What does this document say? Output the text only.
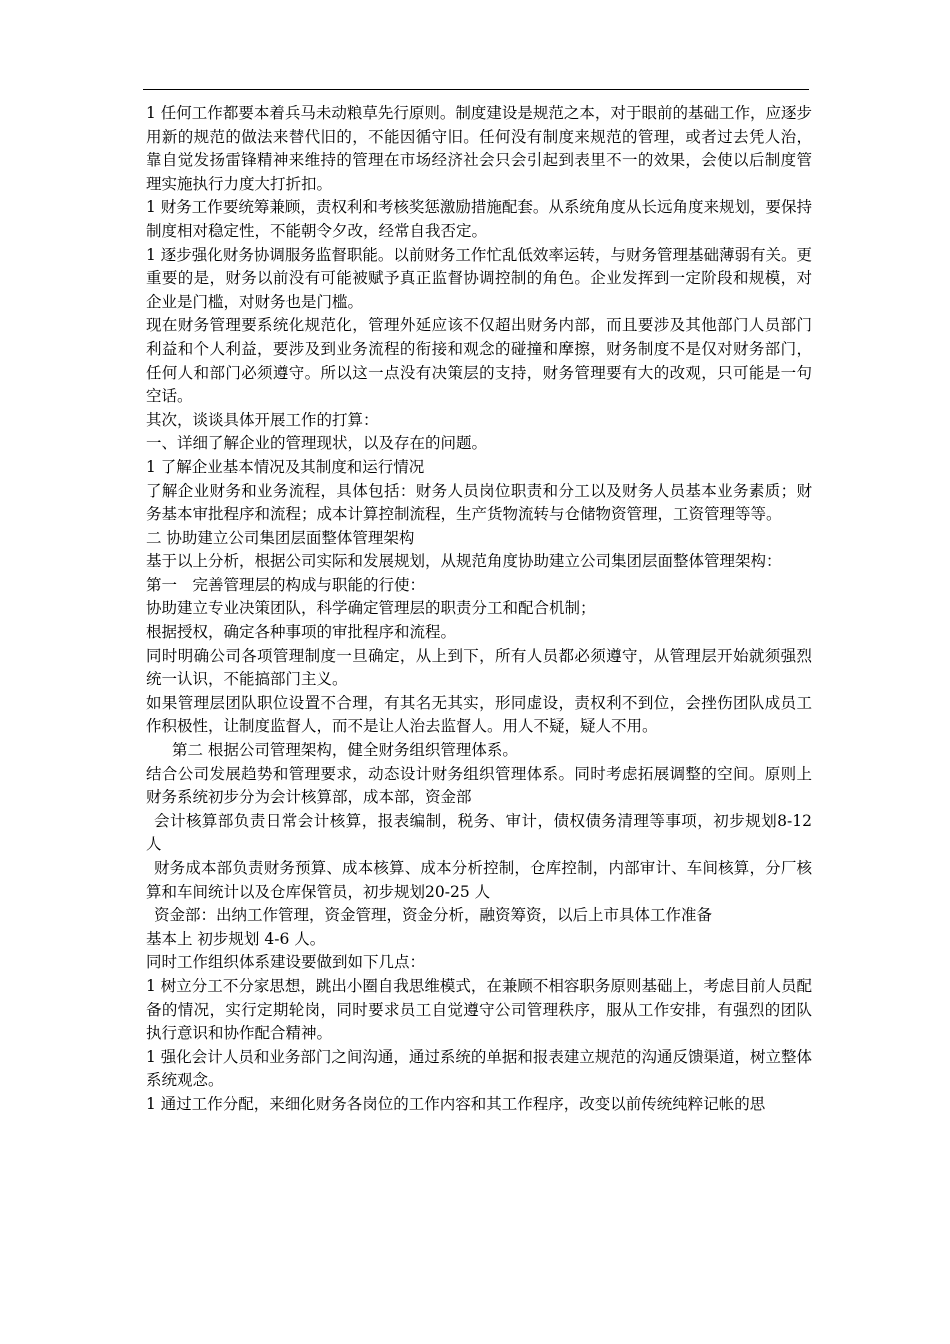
1 任何工作都要本着兵马未动粮草先行原则。制度建设是规范之本，对于眼前的基础工作，应逐步用新的规范的做法来替代旧的，不能因循守旧。任何没有制度来规范的管理，或者过去凭人治，靠自觉发扬雷锋精神来维持的管理在市场经济社会只会引起到表里不一的效果，会使以后制度管理实施执行力度大打折扣。

1 财务工作要统筹兼顾，责权利和考核奖惩激励措施配套。从系统角度从长远角度来规划，要保持制度相对稳定性，不能朝令夕改，经常自我否定。

1 逐步强化财务协调服务监督职能。以前财务工作忙乱低效率运转，与财务管理基础薄弱有关。更重要的是，财务以前没有可能被赋予真正监督协调控制的角色。企业发挥到一定阶段和规模，对企业是门槛，对财务也是门槛。

现在财务管理要系统化规范化，管理外延应该不仅超出财务内部，而且要涉及其他部门人员部门利益和个人利益，要涉及到业务流程的衔接和观念的碰撞和摩擦，财务制度不是仅对财务部门，任何人和部门必须遵守。所以这一点没有决策层的支持，财务管理要有大的改观，只可能是一句空话。

其次，谈谈具体开展工作的打算：

一、详细了解企业的管理现状，以及存在的问题。

1 了解企业基本情况及其制度和运行情况

了解企业财务和业务流程，具体包括：财务人员岗位职责和分工以及财务人员基本业务素质；财务基本审批程序和流程；成本计算控制流程，生产货物流转与仓储物资管理，工资管理等等。

二 协助建立公司集团层面整体管理架构

基于以上分析，根据公司实际和发展规划，从规范角度协助建立公司集团层面整体管理架构：

第一　完善管理层的构成与职能的行使：

协助建立专业决策团队，科学确定管理层的职责分工和配合机制；

根据授权，确定各种事项的审批程序和流程。

同时明确公司各项管理制度一旦确定，从上到下，所有人员都必须遵守，从管理层开始就须强烈统一认识，不能搞部门主义。

如果管理层团队职位设置不合理，有其名无其实，形同虚设，责权利不到位，会挫伤团队成员工作积极性，让制度监督人，而不是让人治去监督人。用人不疑，疑人不用。

第二 根据公司管理架构，健全财务组织管理体系。

结合公司发展趋势和管理要求，动态设计财务组织管理体系。同时考虑拓展调整的空间。原则上财务系统初步分为会计核算部，成本部，资金部

会计核算部负责日常会计核算，报表编制，税务、审计，债权债务清理等事项，初步规划8-12 人

财务成本部负责财务预算、成本核算、成本分析控制，仓库控制，内部审计、车间核算，分厂核算和车间统计以及仓库保管员，初步规划20-25 人

资金部：出纳工作管理，资金管理，资金分析，融资筹资，以后上市具体工作准备

基本上 初步规划 4-6 人。

同时工作组织体系建设要做到如下几点：

1 树立分工不分家思想，跳出小圈自我思维模式，在兼顾不相容职务原则基础上，考虑目前人员配备的情况，实行定期轮岗，同时要求员工自觉遵守公司管理秩序，服从工作安排，有强烈的团队执行意识和协作配合精神。

1 强化会计人员和业务部门之间沟通，通过系统的单据和报表建立规范的沟通反馈渠道，树立整体系统观念。

1 通过工作分配，来细化财务各岗位的工作内容和其工作程序，改变以前传统纯粹记帐的思
